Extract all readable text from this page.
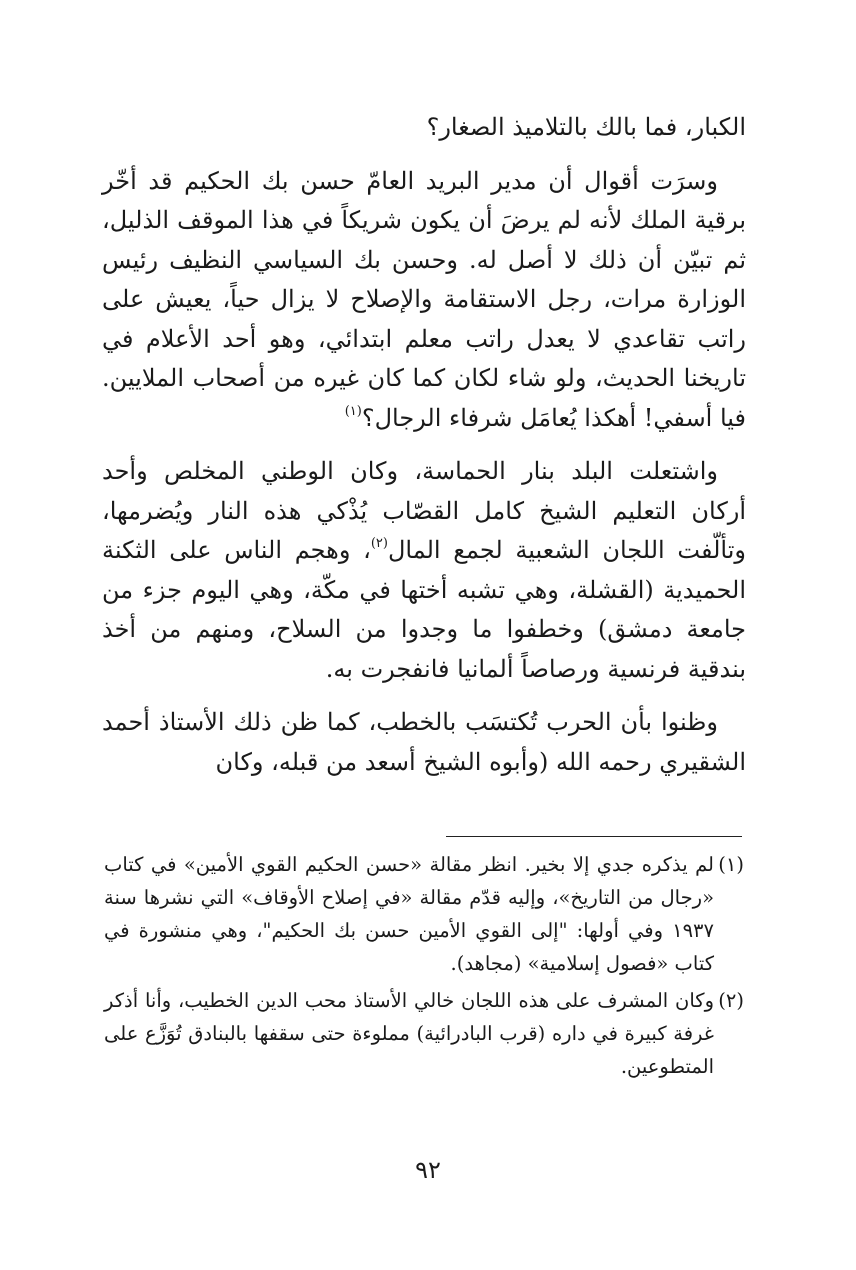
الكبار، فما بالك بالتلاميذ الصغار؟

وسرَت أقوال أن مدير البريد العامّ حسن بك الحكيم قد أخّر برقية الملك لأنه لم يرضَ أن يكون شريكاً في هذا الموقف الذليل، ثم تبيّن أن ذلك لا أصل له. وحسن بك السياسي النظيف رئيس الوزارة مرات، رجل الاستقامة والإصلاح لا يزال حياً، يعيش على راتب تقاعدي لا يعدل راتب معلم ابتدائي، وهو أحد الأعلام في تاريخنا الحديث، ولو شاء لكان كما كان غيره من أصحاب الملايين. فيا أسفي! أهكذا يُعامَل شرفاء الرجال؟$^{(١)}$

واشتعلت البلد بنار الحماسة، وكان الوطني المخلص وأحد أركان التعليم الشيخ كامل القصّاب يُذْكي هذه النار ويُضرمها، وتألّفت اللجان الشعبية لجمع المال$^{(٢)}$، وهجم الناس على الثكنة الحميدية (القشلة، وهي تشبه أختها في مكّة، وهي اليوم جزء من جامعة دمشق) وخطفوا ما وجدوا من السلاح، ومنهم من أخذ بندقية فرنسية ورصاصاً ألمانيا فانفجرت به.

وظنوا بأن الحرب تُكتسَب بالخطب، كما ظن ذلك الأستاذ أحمد الشقيري رحمه الله (وأبوه الشيخ أسعد من قبله، وكان

(١)
لم يذكره جدي إلا بخير. انظر مقالة «حسن الحكيم القوي الأمين» في كتاب «رجال من التاريخ»، وإليه قدّم مقالة «في إصلاح الأوقاف» التي نشرها سنة ١٩٣٧ وفي أولها: "إلى القوي الأمين حسن بك الحكيم"، وهي منشورة في كتاب «فصول إسلامية» (مجاهد).
(٢)
وكان المشرف على هذه اللجان خالي الأستاذ محب الدين الخطيب، وأنا أذكر غرفة كبيرة في داره (قرب البادرائية) مملوءة حتى سقفها بالبنادق تُوَزَّع على المتطوعين.
٩٢
